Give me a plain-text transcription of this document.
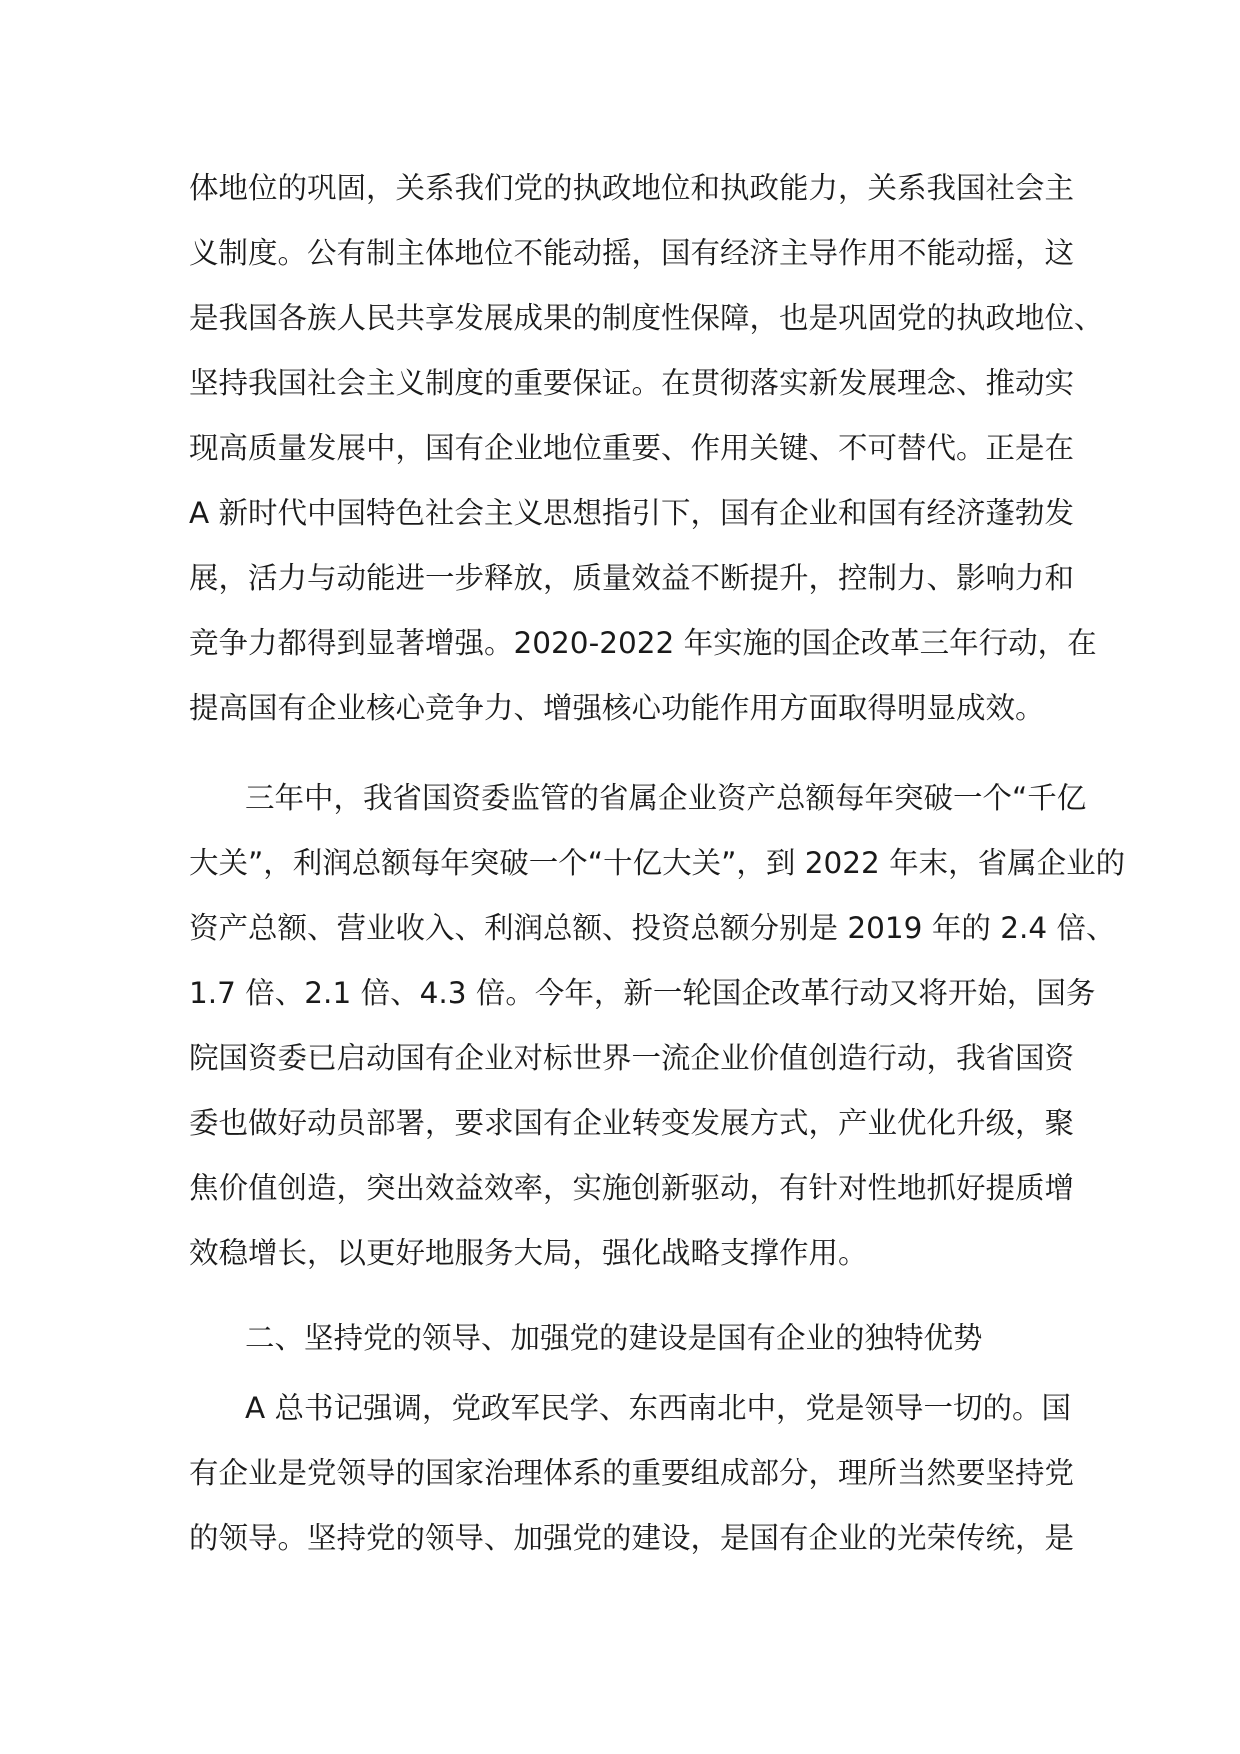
体地位的巩固，关系我们党的执政地位和执政能力，关系我国社会主
义制度。公有制主体地位不能动摇，国有经济主导作用不能动摇，这
是我国各族人民共享发展成果的制度性保障，也是巩固党的执政地位、
坚持我国社会主义制度的重要保证。在贯彻落实新发展理念、推动实
现高质量发展中，国有企业地位重要、作用关键、不可替代。正是在
A 新时代中国特色社会主义思想指引下，国有企业和国有经济蓬勃发
展，活力与动能进一步释放，质量效益不断提升，控制力、影响力和
竞争力都得到显著增强。2020-2022 年实施的国企改革三年行动，在
提高国有企业核心竞争力、增强核心功能作用方面取得明显成效。
三年中，我省国资委监管的省属企业资产总额每年突破一个“千亿
大关”，利润总额每年突破一个“十亿大关”，到 2022 年末，省属企业的
资产总额、营业收入、利润总额、投资总额分别是 2019 年的 2.4 倍、
1.7 倍、2.1 倍、4.3 倍。今年，新一轮国企改革行动又将开始，国务
院国资委已启动国有企业对标世界一流企业价值创造行动，我省国资
委也做好动员部署，要求国有企业转变发展方式，产业优化升级，聚
焦价值创造，突出效益效率，实施创新驱动，有针对性地抓好提质增
效稳增长，以更好地服务大局，强化战略支撑作用。
二、坚持党的领导、加强党的建设是国有企业的独特优势
A 总书记强调，党政军民学、东西南北中，党是领导一切的。国
有企业是党领导的国家治理体系的重要组成部分，理所当然要坚持党
的领导。坚持党的领导、加强党的建设，是国有企业的光荣传统，是
